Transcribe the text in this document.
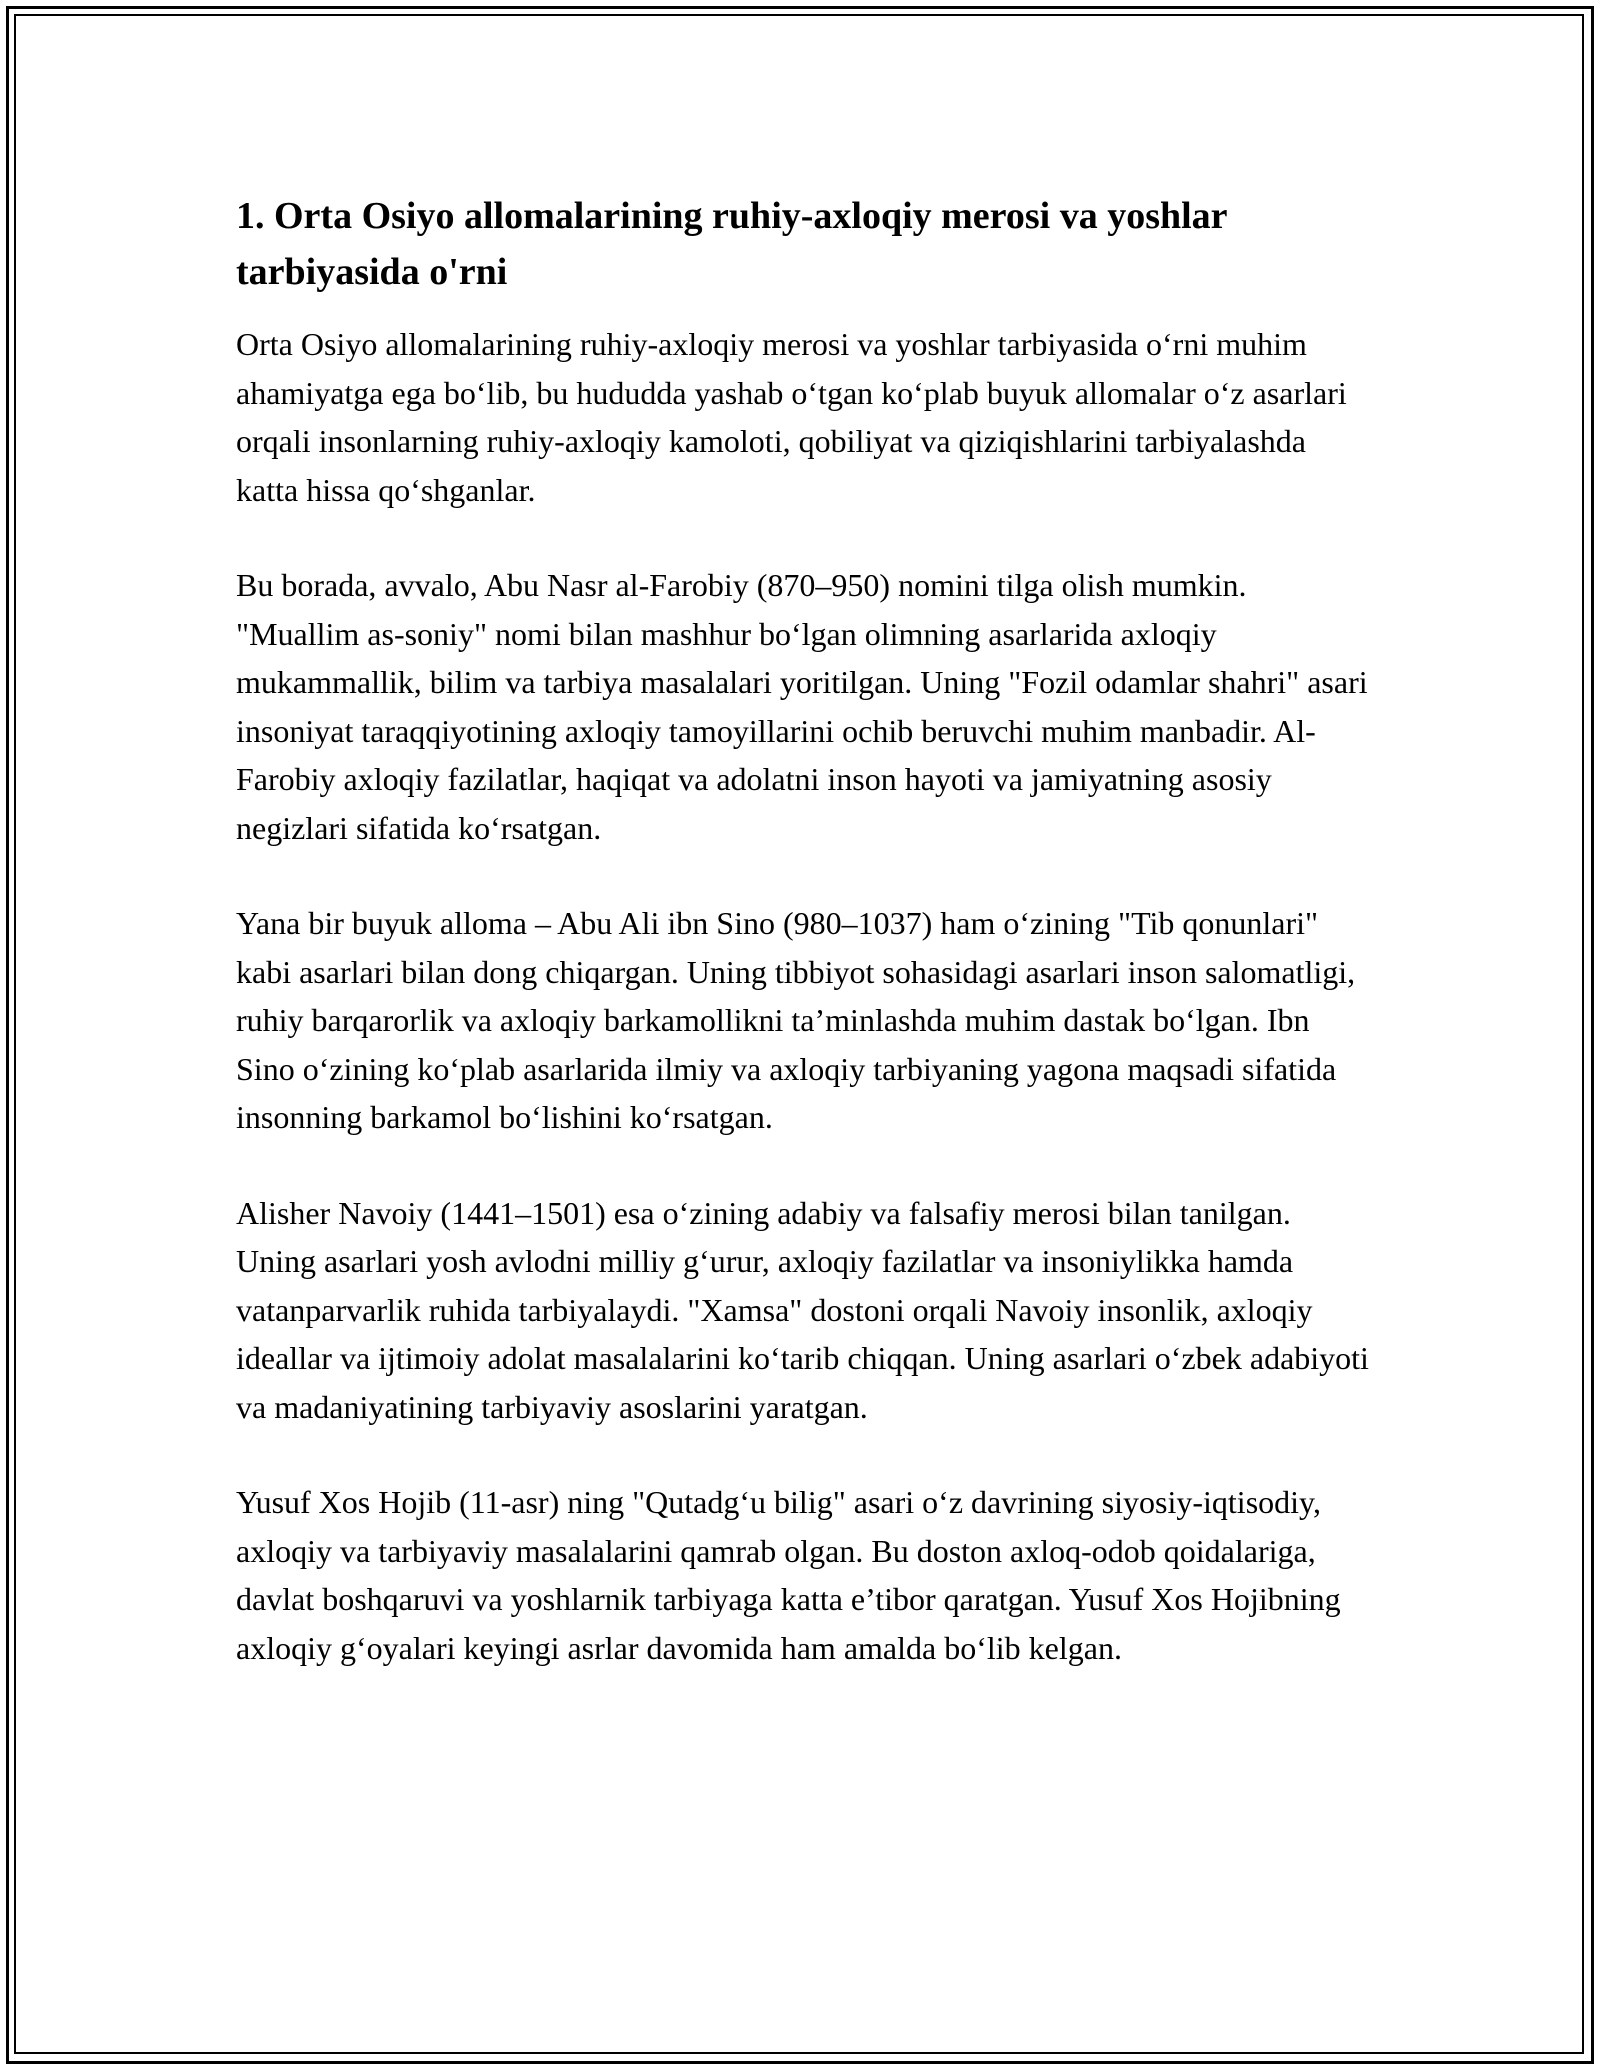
1. Orta Osiyo allomalarining ruhiy-axloqiy merosi va yoshlar tarbiyasida o'rni

Orta Osiyo allomalarining ruhiy-axloqiy merosi va yoshlar tarbiyasida o‘rni muhim ahamiyatga ega bo‘lib, bu hududda yashab o‘tgan ko‘plab buyuk allomalar o‘z asarlari orqali insonlarning ruhiy-axloqiy kamoloti, qobiliyat va qiziqishlarini tarbiyalashda katta hissa qo‘shganlar.

Bu borada, avvalo, Abu Nasr al-Farobiy (870–950) nomini tilga olish mumkin. "Muallim as-soniy" nomi bilan mashhur bo‘lgan olimning asarlarida axloqiy mukammallik, bilim va tarbiya masalalari yoritilgan. Uning "Fozil odamlar shahri" asari insoniyat taraqqiyotining axloqiy tamoyillarini ochib beruvchi muhim manbadir. Al-Farobiy axloqiy fazilatlar, haqiqat va adolatni inson hayoti va jamiyatning asosiy negizlari sifatida ko‘rsatgan.

Yana bir buyuk alloma – Abu Ali ibn Sino (980–1037) ham o‘zining "Tib qonunlari" kabi asarlari bilan dong chiqargan. Uning tibbiyot sohasidagi asarlari inson salomatligi, ruhiy barqarorlik va axloqiy barkamollikni ta’minlashda muhim dastak bo‘lgan. Ibn Sino o‘zining ko‘plab asarlarida ilmiy va axloqiy tarbiyaning yagona maqsadi sifatida insonning barkamol bo‘lishini ko‘rsatgan.

Alisher Navoiy (1441–1501) esa o‘zining adabiy va falsafiy merosi bilan tanilgan. Uning asarlari yosh avlodni milliy g‘urur, axloqiy fazilatlar va insoniylikka hamda vatanparvarlik ruhida tarbiyalaydi. "Xamsa" dostoni orqali Navoiy insonlik, axloqiy ideallar va ijtimoiy adolat masalalarini ko‘tarib chiqqan. Uning asarlari o‘zbek adabiyoti va madaniyatining tarbiyaviy asoslarini yaratgan.

Yusuf Xos Hojib (11-asr) ning "Qutadg‘u bilig" asari o‘z davrining siyosiy-iqtisodiy, axloqiy va tarbiyaviy masalalarini qamrab olgan. Bu doston axloq-odob qoidalariga, davlat boshqaruvi va yoshlarnik tarbiyaga katta e’tibor qaratgan. Yusuf Xos Hojibning axloqiy g‘oyalari keyingi asrlar davomida ham amalda bo‘lib kelgan.
